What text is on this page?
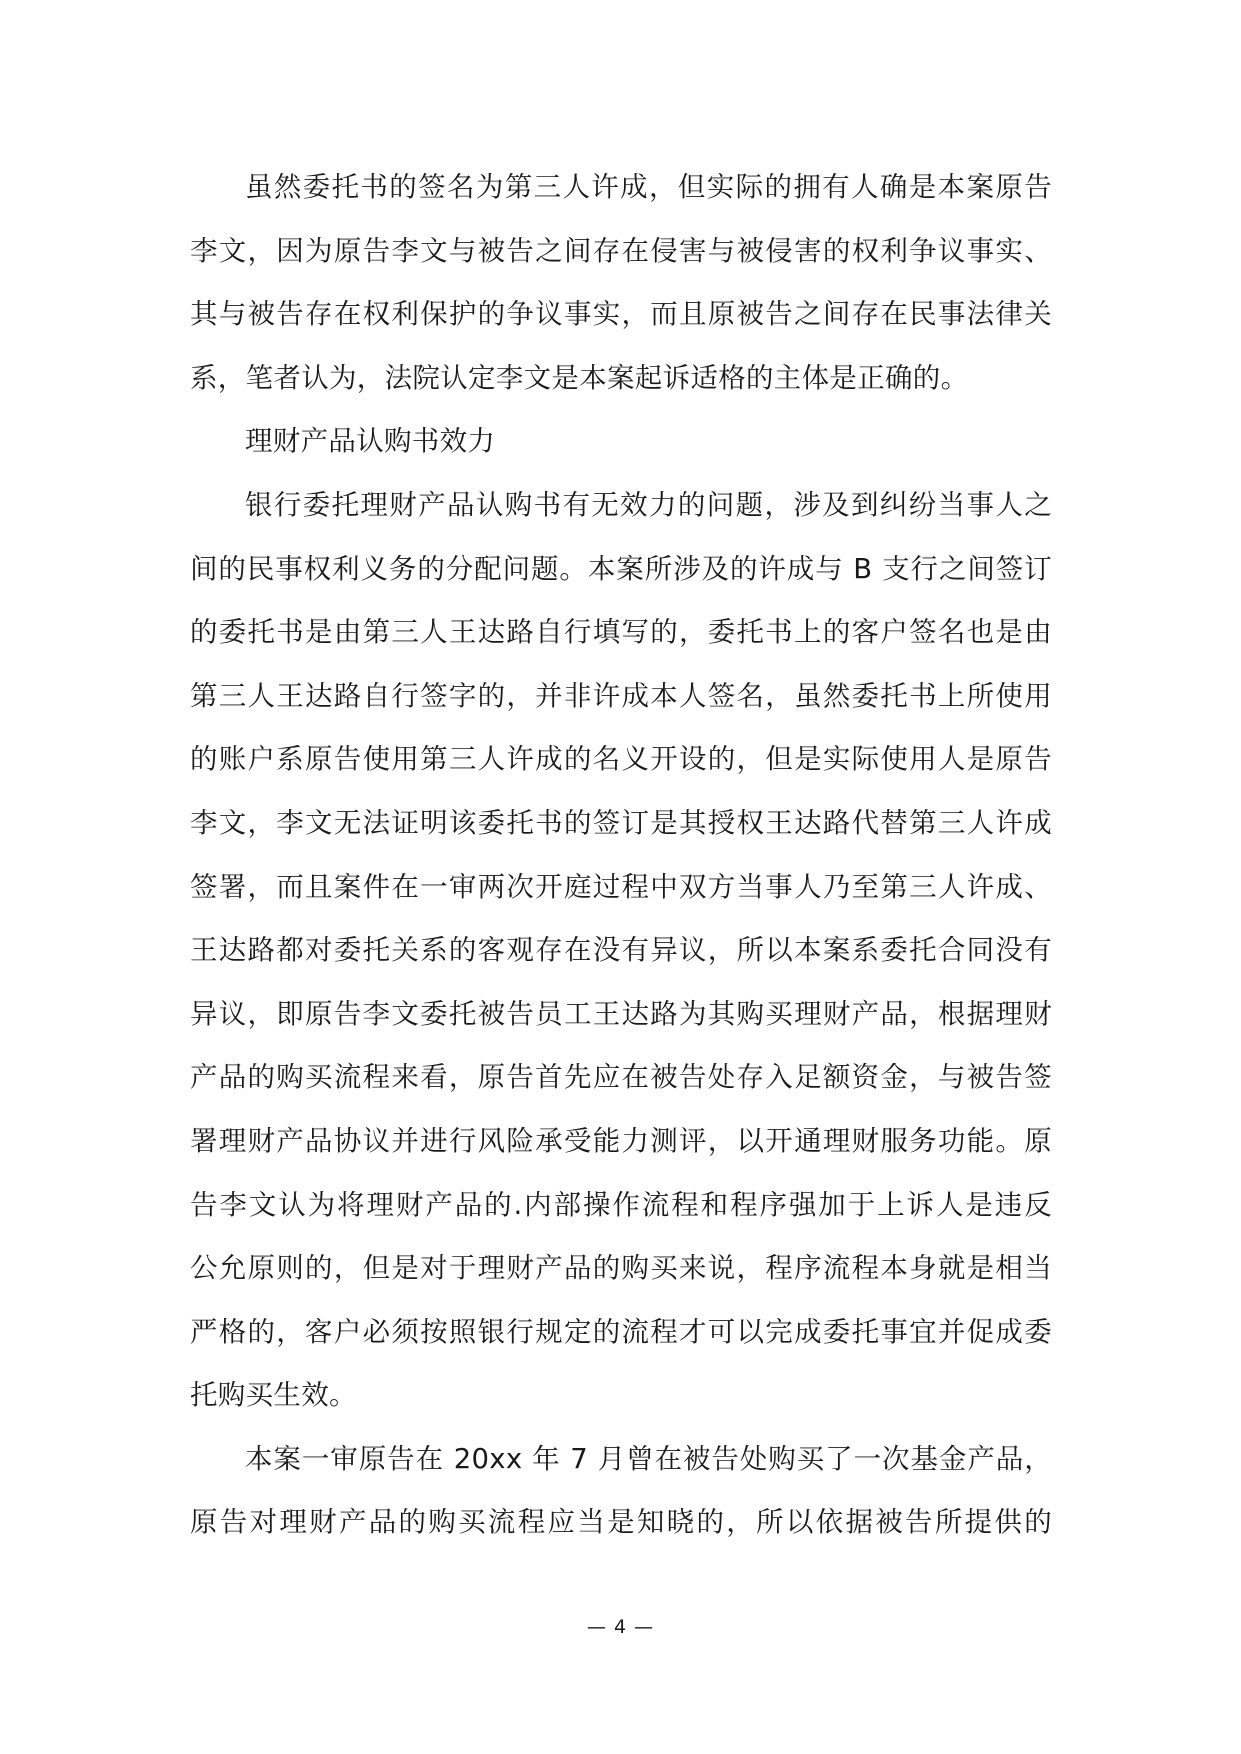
虽然委托书的签名为第三人许成，但实际的拥有人确是本案原告
李文，因为原告李文与被告之间存在侵害与被侵害的权利争议事实、
其与被告存在权利保护的争议事实，而且原被告之间存在民事法律关
系，笔者认为，法院认定李文是本案起诉适格的主体是正确的。
理财产品认购书效力
银行委托理财产品认购书有无效力的问题，涉及到纠纷当事人之
间的民事权利义务的分配问题。本案所涉及的许成与 B 支行之间签订
的委托书是由第三人王达路自行填写的，委托书上的客户签名也是由
第三人王达路自行签字的，并非许成本人签名，虽然委托书上所使用
的账户系原告使用第三人许成的名义开设的，但是实际使用人是原告
李文，李文无法证明该委托书的签订是其授权王达路代替第三人许成
签署，而且案件在一审两次开庭过程中双方当事人乃至第三人许成、
王达路都对委托关系的客观存在没有异议，所以本案系委托合同没有
异议，即原告李文委托被告员工王达路为其购买理财产品，根据理财
产品的购买流程来看，原告首先应在被告处存入足额资金，与被告签
署理财产品协议并进行风险承受能力测评，以开通理财服务功能。原
告李文认为将理财产品的.内部操作流程和程序强加于上诉人是违反
公允原则的，但是对于理财产品的购买来说，程序流程本身就是相当
严格的，客户必须按照银行规定的流程才可以完成委托事宜并促成委
托购买生效。
本案一审原告在 20xx 年 7 月曾在被告处购买了一次基金产品，
原告对理财产品的购买流程应当是知晓的，所以依据被告所提供的
— 4 —
